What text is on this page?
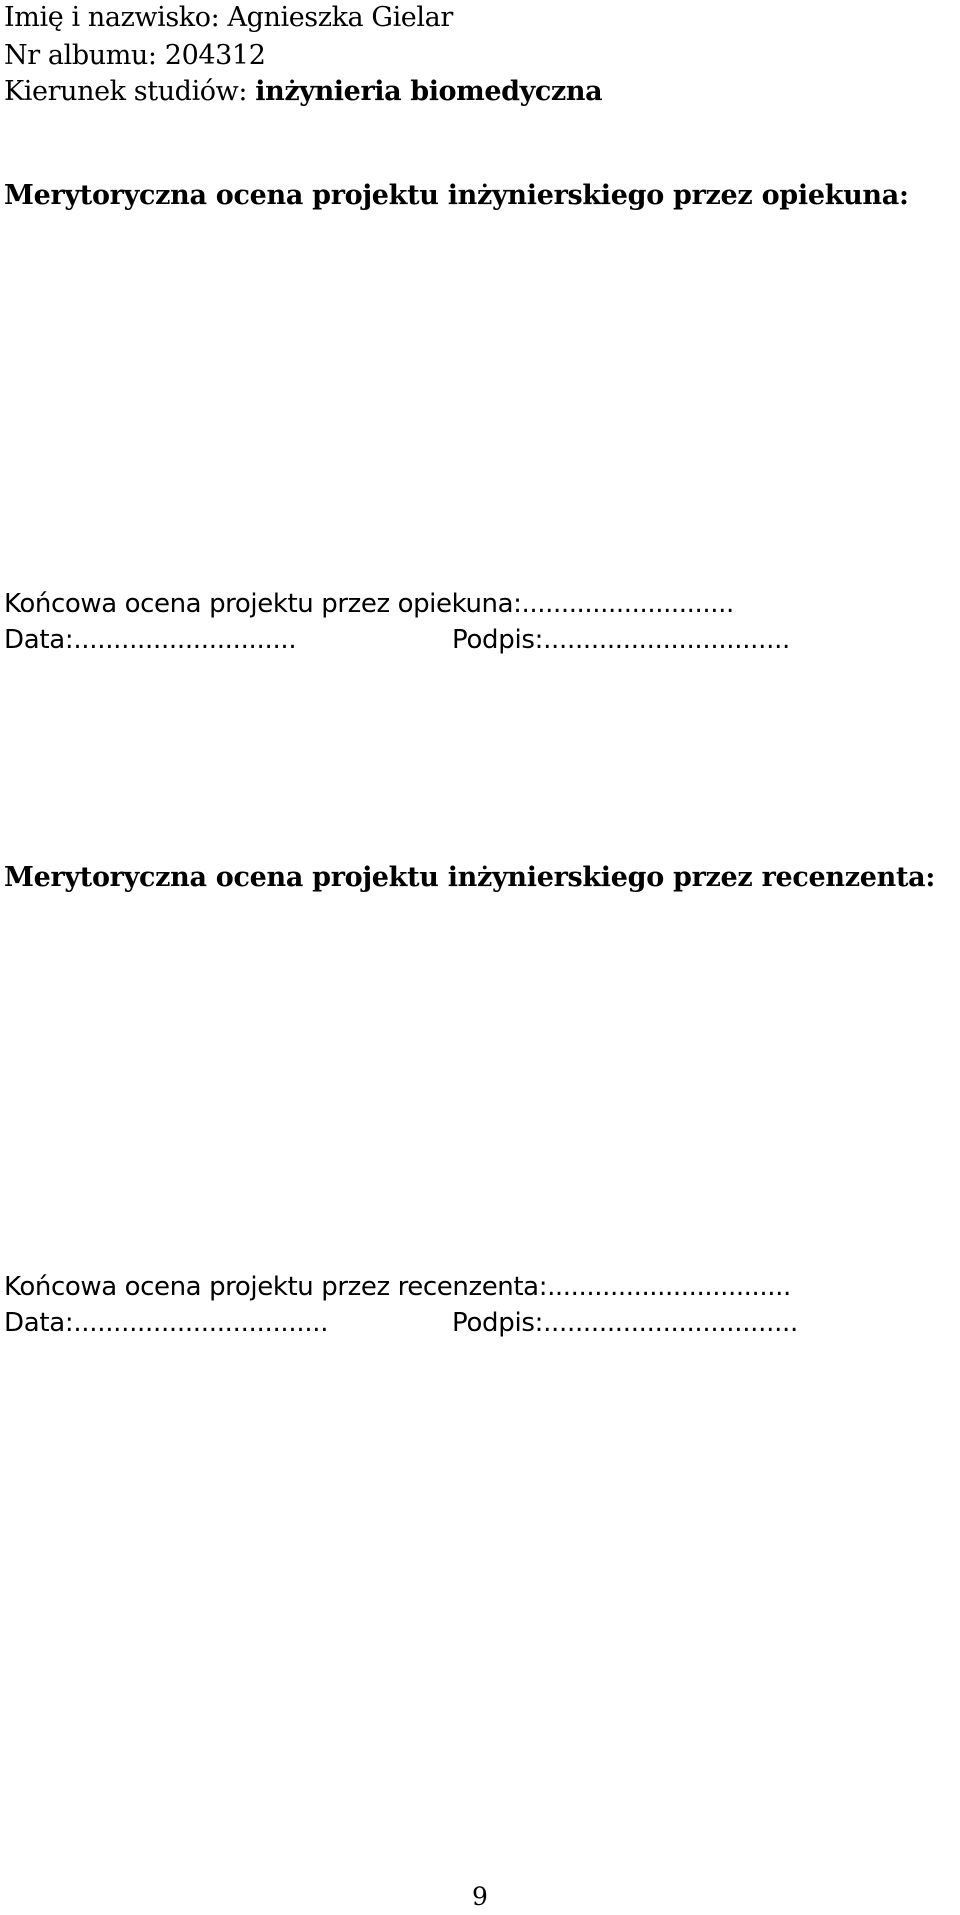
Imię i nazwisko: Agnieszka Gielar
Nr albumu: 204312
Kierunek studiów: inżynieria biomedyczna
Merytoryczna ocena projektu inżynierskiego przez opiekuna:
Końcowa ocena projektu przez opiekuna:...........................
Data:............................	Podpis:...............................
Merytoryczna ocena projektu inżynierskiego przez recenzenta:
Końcowa ocena projektu przez recenzenta:...............................
Data:................................	Podpis:................................
9
